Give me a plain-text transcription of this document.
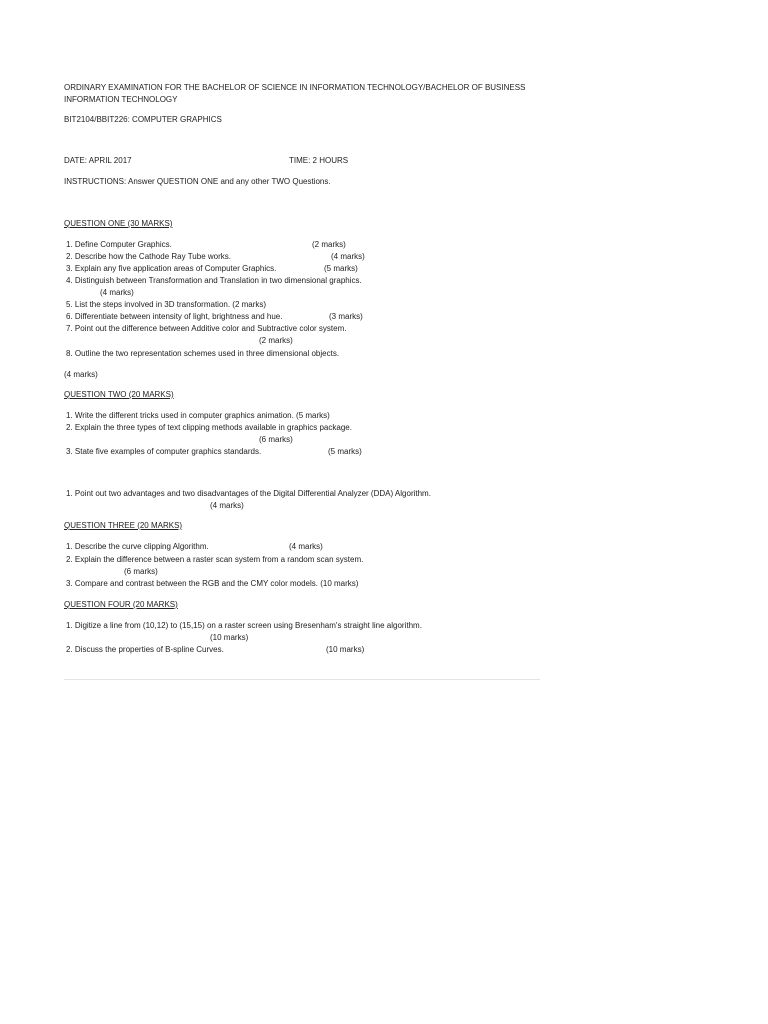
ORDINARY EXAMINATION FOR THE BACHELOR OF SCIENCE IN INFORMATION TECHNOLOGY/BACHELOR OF BUSINESS
INFORMATION TECHNOLOGY
BIT2104/BBIT226: COMPUTER GRAPHICS
DATE: APRIL 2017	TIME: 2 HOURS
INSTRUCTIONS: Answer QUESTION ONE and any other TWO Questions.
QUESTION ONE (30 MARKS)
1. Define Computer Graphics.	(2 marks)
2. Describe how the Cathode Ray Tube works.	(4 marks)
3. Explain any five application areas of Computer Graphics.	(5 marks)
4. Distinguish between Transformation and Translation in two dimensional graphics.
(4 marks)
5. List the steps involved in 3D transformation. (2 marks)
6. Differentiate between intensity of light, brightness and hue.	(3 marks)
7. Point out the difference between Additive color and Subtractive color system.
(2 marks)
8. Outline the two representation schemes used in three dimensional objects.
(4 marks)
QUESTION TWO (20 MARKS)
1. Write the different tricks used in computer graphics animation. (5 marks)
2. Explain the three types of text clipping methods available in graphics package.
(6 marks)
3. State five examples of computer graphics standards.	(5 marks)
1. Point out two advantages and two disadvantages of the Digital Differential Analyzer (DDA) Algorithm.
(4 marks)
QUESTION THREE (20 MARKS)
1. Describe the curve clipping Algorithm.	(4 marks)
2. Explain the difference between a raster scan system from a random scan system.
(6 marks)
3. Compare and contrast between the RGB and the CMY color models. (10 marks)
QUESTION FOUR (20 MARKS)
1. Digitize a line from (10,12) to (15,15) on a raster screen using Bresenham's straight line algorithm.
(10 marks)
2. Discuss the properties of B-spline Curves.	(10 marks)
